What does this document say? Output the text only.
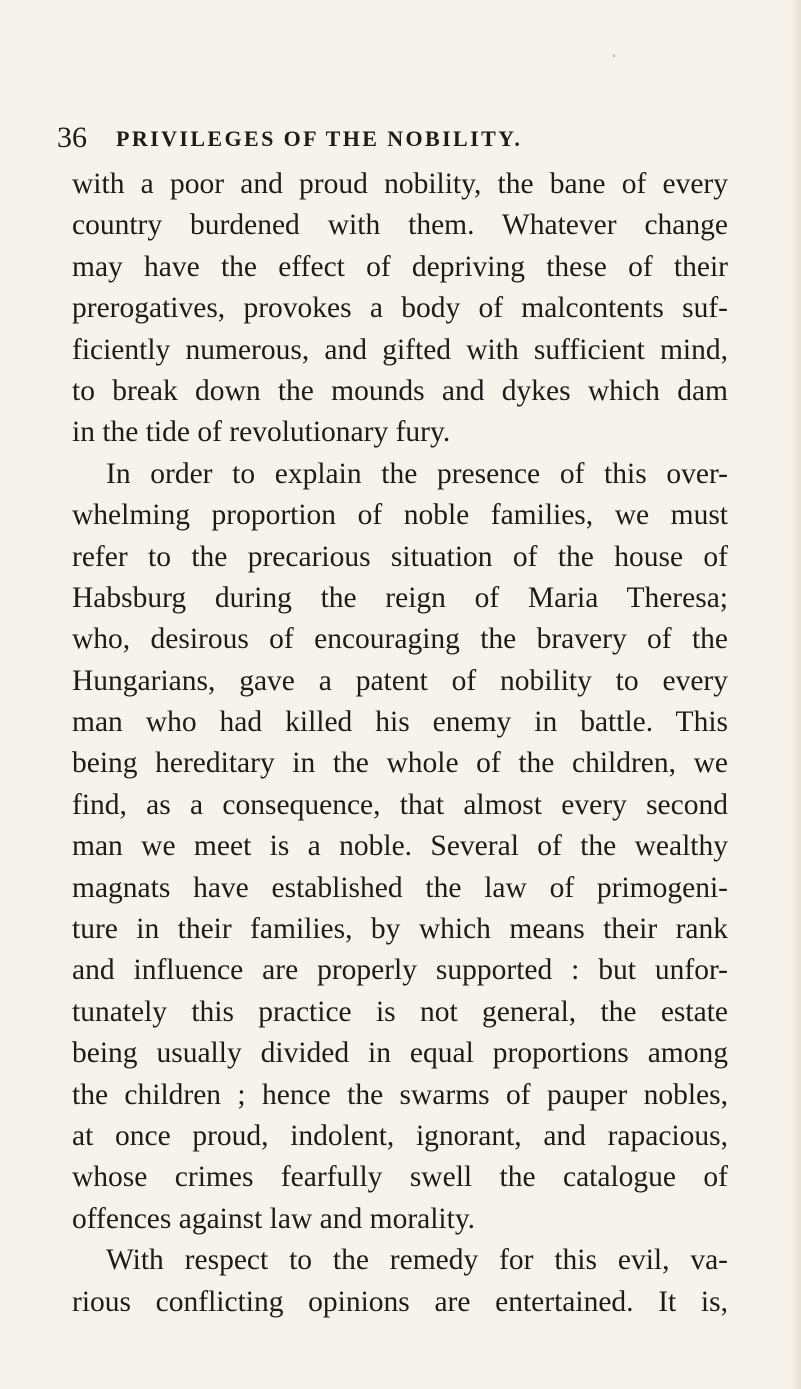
˚
36 PRIVILEGES OF THE NOBILITY.
with a poor and proud nobility, the bane of every
country burdened with them. Whatever change
may have the effect of depriving these of their
prerogatives, provokes a body of malcontents suf-
ficiently numerous, and gifted with sufficient mind,
to break down the mounds and dykes which dam
in the tide of revolutionary fury.
In order to explain the presence of this over-
whelming proportion of noble families, we must
refer to the precarious situation of the house of
Habsburg during the reign of Maria Theresa;
who, desirous of encouraging the bravery of the
Hungarians, gave a patent of nobility to every
man who had killed his enemy in battle. This
being hereditary in the whole of the children, we
find, as a consequence, that almost every second
man we meet is a noble. Several of the wealthy
magnats have established the law of primogeni-
ture in their families, by which means their rank
and influence are properly supported : but unfor-
tunately this practice is not general, the estate
being usually divided in equal proportions among
the children ; hence the swarms of pauper nobles,
at once proud, indolent, ignorant, and rapacious,
whose crimes fearfully swell the catalogue of
offences against law and morality.
With respect to the remedy for this evil, va-
rious conflicting opinions are entertained. It is,
